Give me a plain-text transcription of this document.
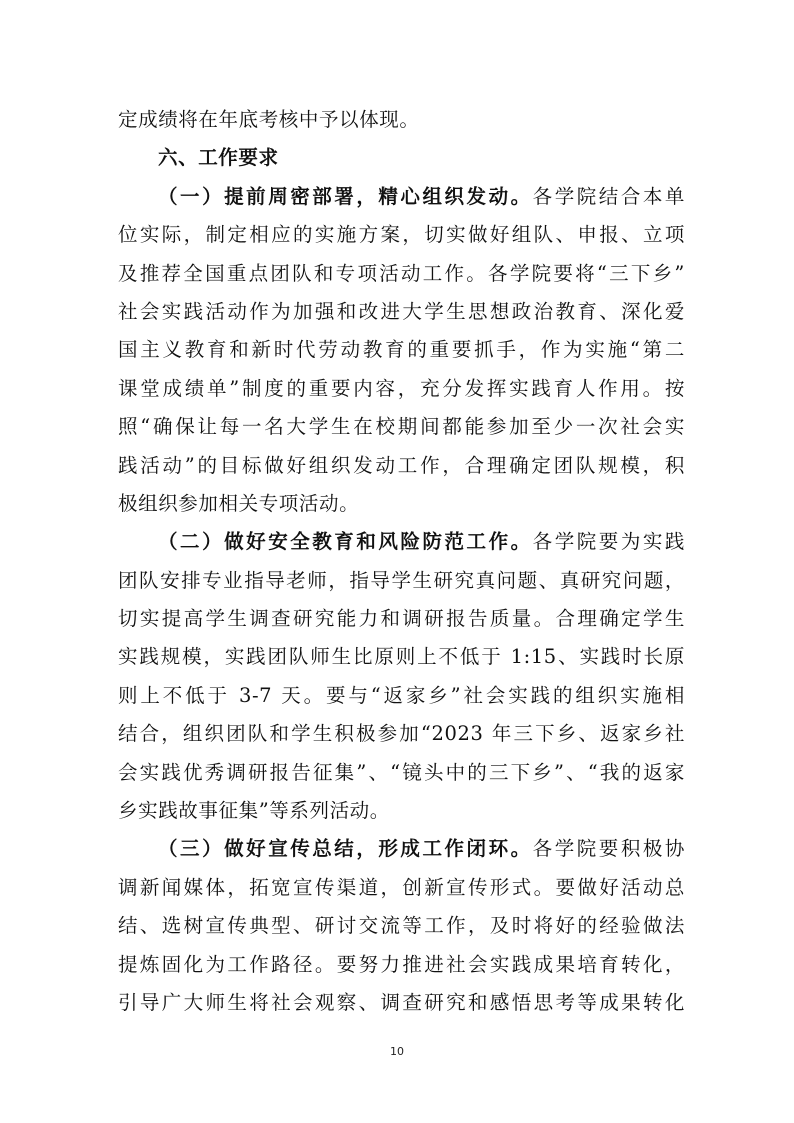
定成绩将在年底考核中予以体现。
六、工作要求
（一）提前周密部署，精心组织发动。各学院结合本单
位实际，制定相应的实施方案，切实做好组队、申报、立项
及推荐全国重点团队和专项活动工作。各学院要将“三下乡”
社会实践活动作为加强和改进大学生思想政治教育、深化爱
国主义教育和新时代劳动教育的重要抓手，作为实施“第二
课堂成绩单”制度的重要内容，充分发挥实践育人作用。按
照“确保让每一名大学生在校期间都能参加至少一次社会实
践活动”的目标做好组织发动工作，合理确定团队规模，积
极组织参加相关专项活动。
（二）做好安全教育和风险防范工作。各学院要为实践
团队安排专业指导老师，指导学生研究真问题、真研究问题，
切实提高学生调查研究能力和调研报告质量。合理确定学生
实践规模，实践团队师生比原则上不低于 1:15、实践时长原
则上不低于 3-7 天。要与“返家乡”社会实践的组织实施相
结合，组织团队和学生积极参加“2023 年三下乡、返家乡社
会实践优秀调研报告征集”、“镜头中的三下乡”、“我的返家
乡实践故事征集”等系列活动。
（三）做好宣传总结，形成工作闭环。各学院要积极协
调新闻媒体，拓宽宣传渠道，创新宣传形式。要做好活动总
结、选树宣传典型、研讨交流等工作，及时将好的经验做法
提炼固化为工作路径。要努力推进社会实践成果培育转化，
引导广大师生将社会观察、调查研究和感悟思考等成果转化
10
